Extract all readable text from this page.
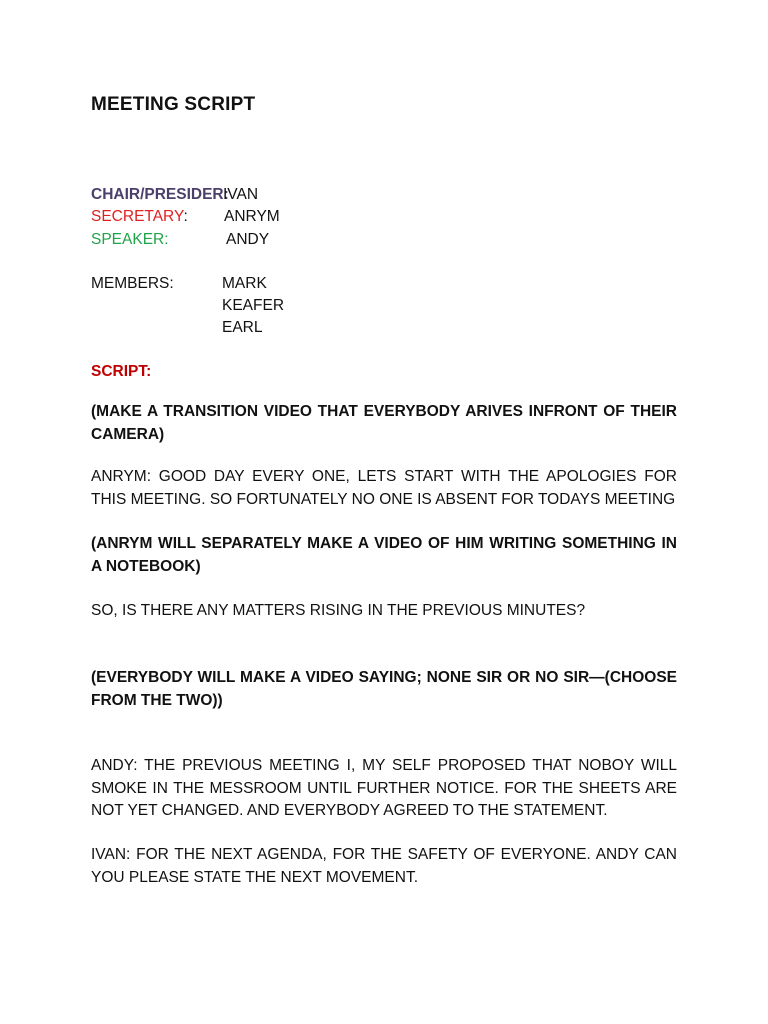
MEETING SCRIPT
CHAIR/PRESIDER:
IVAN
SECRETARY: ANRYM
SPEAKER:	ANDY
MEMBERS:	MARK
KEAFER
EARL
SCRIPT:
(MAKE A TRANSITION VIDEO THAT EVERYBODY ARIVES INFRONT OF THEIR CAMERA)
ANRYM: GOOD DAY EVERY ONE, LETS START WITH THE APOLOGIES FOR THIS MEETING. SO FORTUNATELY NO ONE IS ABSENT FOR TODAYS MEETING
(ANRYM WILL SEPARATELY MAKE A VIDEO OF HIM WRITING SOMETHING IN A NOTEBOOK)
SO, IS THERE ANY MATTERS RISING IN THE PREVIOUS MINUTES?
(EVERYBODY WILL MAKE A VIDEO SAYING; NONE SIR OR NO SIR—(CHOOSE FROM THE TWO))
ANDY: THE PREVIOUS MEETING I, MY SELF PROPOSED THAT NOBOY WILL SMOKE IN THE MESSROOM UNTIL FURTHER NOTICE. FOR THE SHEETS ARE NOT YET CHANGED. AND EVERYBODY AGREED TO THE STATEMENT.
IVAN: FOR THE NEXT AGENDA, FOR THE SAFETY OF EVERYONE. ANDY CAN YOU PLEASE STATE THE NEXT MOVEMENT.
